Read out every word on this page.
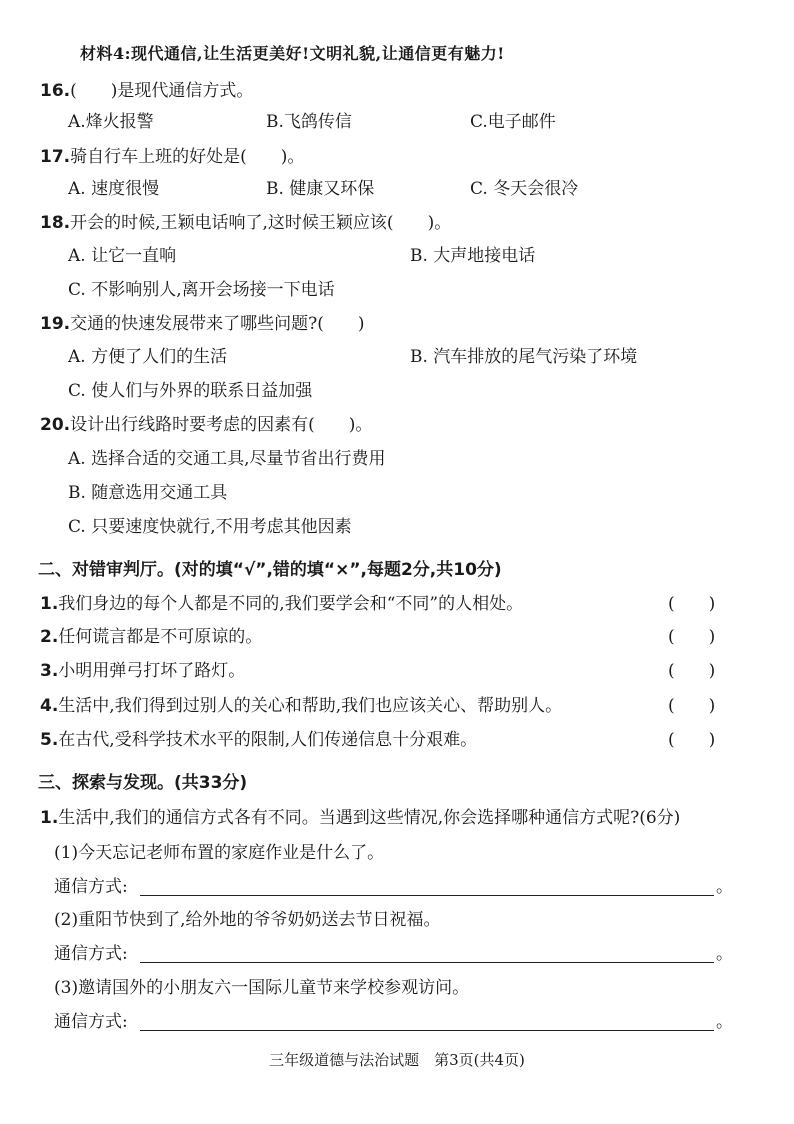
材料4:现代通信,让生活更美好!文明礼貌,让通信更有魅力!
16.(　　)是现代通信方式。
A.烽火报警	B.飞鸽传信	C.电子邮件
17.骑自行车上班的好处是(　　)。
A. 速度很慢	B. 健康又环保	C. 冬天会很冷
18.开会的时候,王颖电话响了,这时候王颖应该(　　)。
A. 让它一直响	B. 大声地接电话
C. 不影响别人,离开会场接一下电话
19.交通的快速发展带来了哪些问题?(　　)
A. 方便了人们的生活	B. 汽车排放的尾气污染了环境
C. 使人们与外界的联系日益加强
20.设计出行线路时要考虑的因素有(　　)。
A. 选择合适的交通工具,尽量节省出行费用
B. 随意选用交通工具
C. 只要速度快就行,不用考虑其他因素
二、对错审判厅。(对的填“√”,错的填“×”,每题2分,共10分)
1.我们身边的每个人都是不同的,我们要学会和“不同”的人相处。	(　　)
2.任何谎言都是不可原谅的。	(　　)
3.小明用弹弓打坏了路灯。	(　　)
4.生活中,我们得到过别人的关心和帮助,我们也应该关心、帮助别人。	(　　)
5.在古代,受科学技术水平的限制,人们传递信息十分艰难。	(　　)
三、探索与发现。(共33分)
1.生活中,我们的通信方式各有不同。当遇到这些情况,你会选择哪种通信方式呢?(6分)
(1)今天忘记老师布置的家庭作业是什么了。
通信方式:	。
(2)重阳节快到了,给外地的爷爷奶奶送去节日祝福。
通信方式:	。
(3)邀请国外的小朋友六一国际儿童节来学校参观访问。
通信方式:	。
三年级道德与法治试题　第3页(共4页)
